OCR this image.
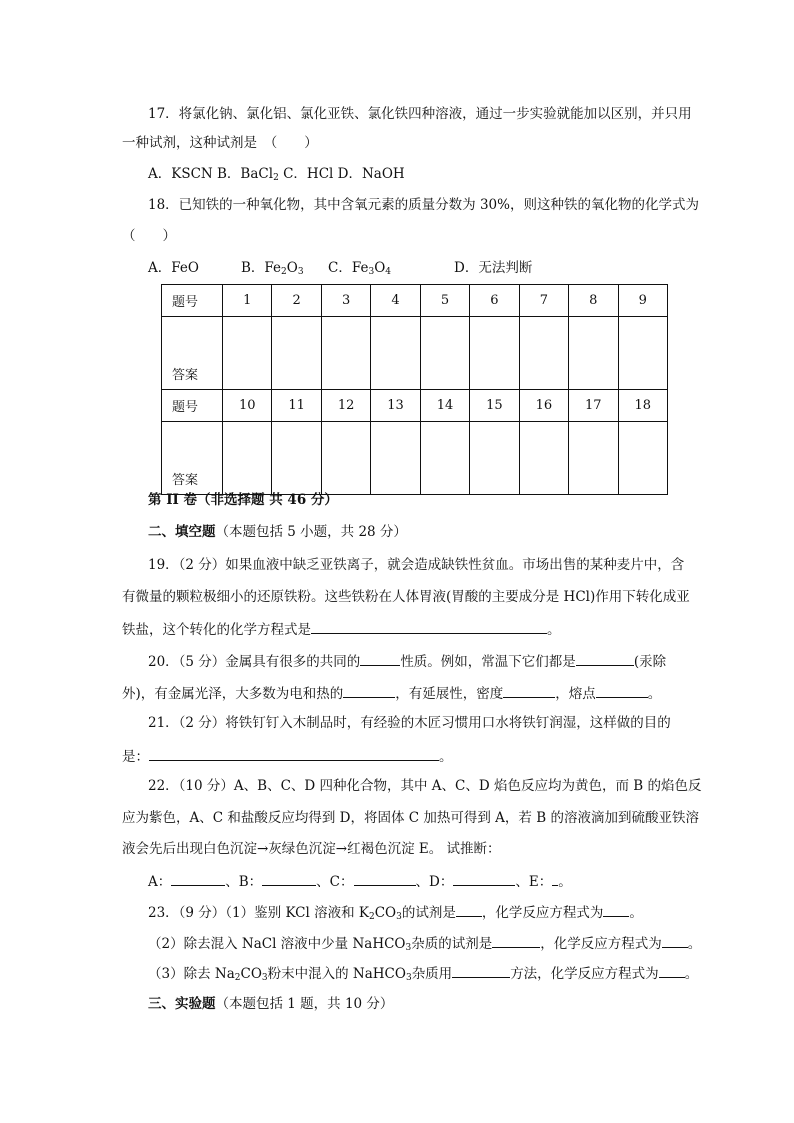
17．将氯化钠、氯化铝、氯化亚铁、氯化铁四种溶液，通过一步实验就能加以区别，并只用
一种试剂，这种试剂是　（　　）
A．KSCN B．BaCl$_2$ C．HCl D．NaOH
18．已知铁的一种氧化物，其中含氧元素的质量分数为 30%，则这种铁的氧化物的化学式为
（　　）
A．FeO	B．$Fe_2O_3$ C．$Fe_3O_4$	D．无法判断
题号	1	2	3	4	5	6	7	8	9
答案									
题号	10	11	12	13	14	15	16	17	18
答案									
第 II 卷（非选择题 共 46 分）
二、填空题（本题包括 5 小题，共 28 分）
19．（2 分）如果血液中缺乏亚铁离子，就会造成缺铁性贫血。市场出售的某种麦片中，含
有微量的颗粒极细小的还原铁粉。这些铁粉在人体胃液(胃酸的主要成分是 HCl)作用下转化成亚
铁盐，这个转化的化学方程式是	。
20．（5 分）金属具有很多的共同的	性质。例如，常温下它们都是	(汞除
外)，有金属光泽，大多数为电和热的	，有延展性，密度	，熔点	。
21．（2 分）将铁钉钉入木制品时，有经验的木匠习惯用口水将铁钉润湿，这样做的目的
是：	。
22．（10 分）A、B、C、D 四种化合物，其中 A、C、D 焰色反应均为黄色，而 B 的焰色反
应为紫色，A、C 和盐酸反应均得到 D，将固体 C 加热可得到 A，若 B 的溶液滴加到硫酸亚铁溶
液会先后出现白色沉淀→灰绿色沉淀→红褐色沉淀 E。 试推断：
A：	、B：	、C：	、D：	、E： 。
23．（9 分）（1）鉴别 KCl 溶液和 $K_2CO_3$的试剂是 ，化学反应方程式为 。
（2）除去混入 NaCl 溶液中少量 NaHCO$_3$杂质的试剂是	，化学反应方程式为 。
（3）除去 $Na_2CO_3$粉末中混入的 NaHCO$_3$杂质用	方法，化学反应方程式为 。
三、实验题（本题包括 1 题，共 10 分）
